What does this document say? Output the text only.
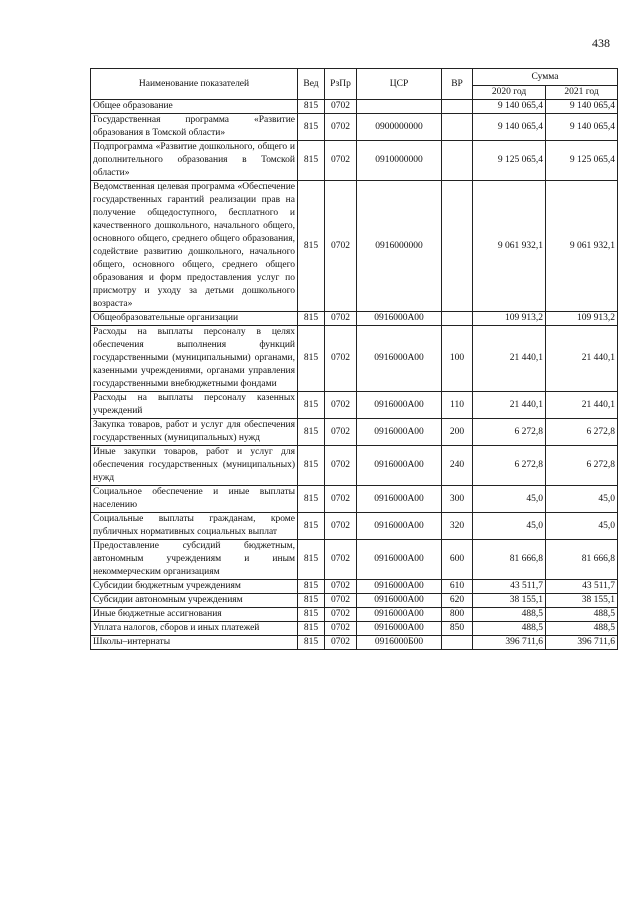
438
Наименование показателей	Вед	РзПр	ЦСР	ВР	Сумма	
					2020 год	2021 год
Общее образование	815	0702			9 140 065,4	9 140 065,4
Государственная программа «Развитие образования в Томской области»	815	0702	0900000000		9 140 065,4	9 140 065,4
Подпрограмма «Развитие дошкольного, общего и дополнительного образования в Томской области»	815	0702	0910000000		9 125 065,4	9 125 065,4
Ведомственная целевая программа «Обеспечение государственных гарантий реализации прав на получение общедоступного, бесплатного и качественного дошкольного, начального общего, основного общего, среднего общего образования, содействие развитию дошкольного, начального общего, основного общего, среднего общего образования и форм предоставления услуг по присмотру и уходу за детьми дошкольного возраста»	815	0702	0916000000		9 061 932,1	9 061 932,1
Общеобразовательные организации	815	0702	0916000А00		109 913,2	109 913,2
Расходы на выплаты персоналу в целях обеспечения выполнения функций государственными (муниципальными) органами, казенными учреждениями, органами управления государственными внебюджетными фондами	815	0702	0916000А00	100	21 440,1	21 440,1
Расходы на выплаты персоналу казенных учреждений	815	0702	0916000А00	110	21 440,1	21 440,1
Закупка товаров, работ и услуг для обеспечения государственных (муниципальных) нужд	815	0702	0916000А00	200	6 272,8	6 272,8
Иные закупки товаров, работ и услуг для обеспечения государственных (муниципальных) нужд	815	0702	0916000А00	240	6 272,8	6 272,8
Социальное обеспечение и иные выплаты населению	815	0702	0916000А00	300	45,0	45,0
Социальные выплаты гражданам, кроме публичных нормативных социальных выплат	815	0702	0916000А00	320	45,0	45,0
Предоставление субсидий бюджетным, автономным учреждениям и иным некоммерческим организациям	815	0702	0916000А00	600	81 666,8	81 666,8
Субсидии бюджетным учреждениям	815	0702	0916000А00	610	43 511,7	43 511,7
Субсидии автономным учреждениям	815	0702	0916000А00	620	38 155,1	38 155,1
Иные бюджетные ассигнования	815	0702	0916000А00	800	488,5	488,5
Уплата налогов, сборов и иных платежей	815	0702	0916000А00	850	488,5	488,5
Школы–интернаты	815	0702	0916000Б00		396 711,6	396 711,6
